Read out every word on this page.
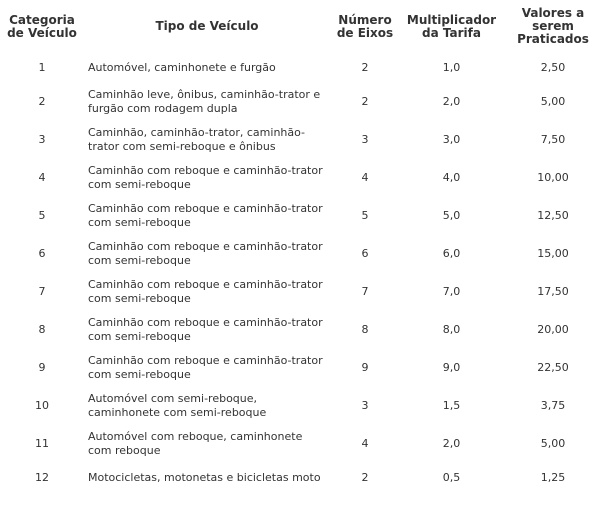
Categoria de Veículo	Tipo de Veículo	Número de Eixos	Multiplicador da Tarifa	Valores a serem Praticados
1	Automóvel, caminhonete e furgão	2	1,0	2,50
2	Caminhão leve, ônibus, caminhão-trator e furgão com rodagem dupla	2	2,0	5,00
3	Caminhão, caminhão-trator, caminhão-trator com semi-reboque e ônibus	3	3,0	7,50
4	Caminhão com reboque e caminhão-trator com semi-reboque	4	4,0	10,00
5	Caminhão com reboque e caminhão-trator com semi-reboque	5	5,0	12,50
6	Caminhão com reboque e caminhão-trator com semi-reboque	6	6,0	15,00
7	Caminhão com reboque e caminhão-trator com semi-reboque	7	7,0	17,50
8	Caminhão com reboque e caminhão-trator com semi-reboque	8	8,0	20,00
9	Caminhão com reboque e caminhão-trator com semi-reboque	9	9,0	22,50
10	Automóvel com semi-reboque, caminhonete com semi-reboque	3	1,5	3,75
11	Automóvel com reboque, caminhonete com reboque	4	2,0	5,00
12	Motocicletas, motonetas e bicicletas moto	2	0,5	1,25
